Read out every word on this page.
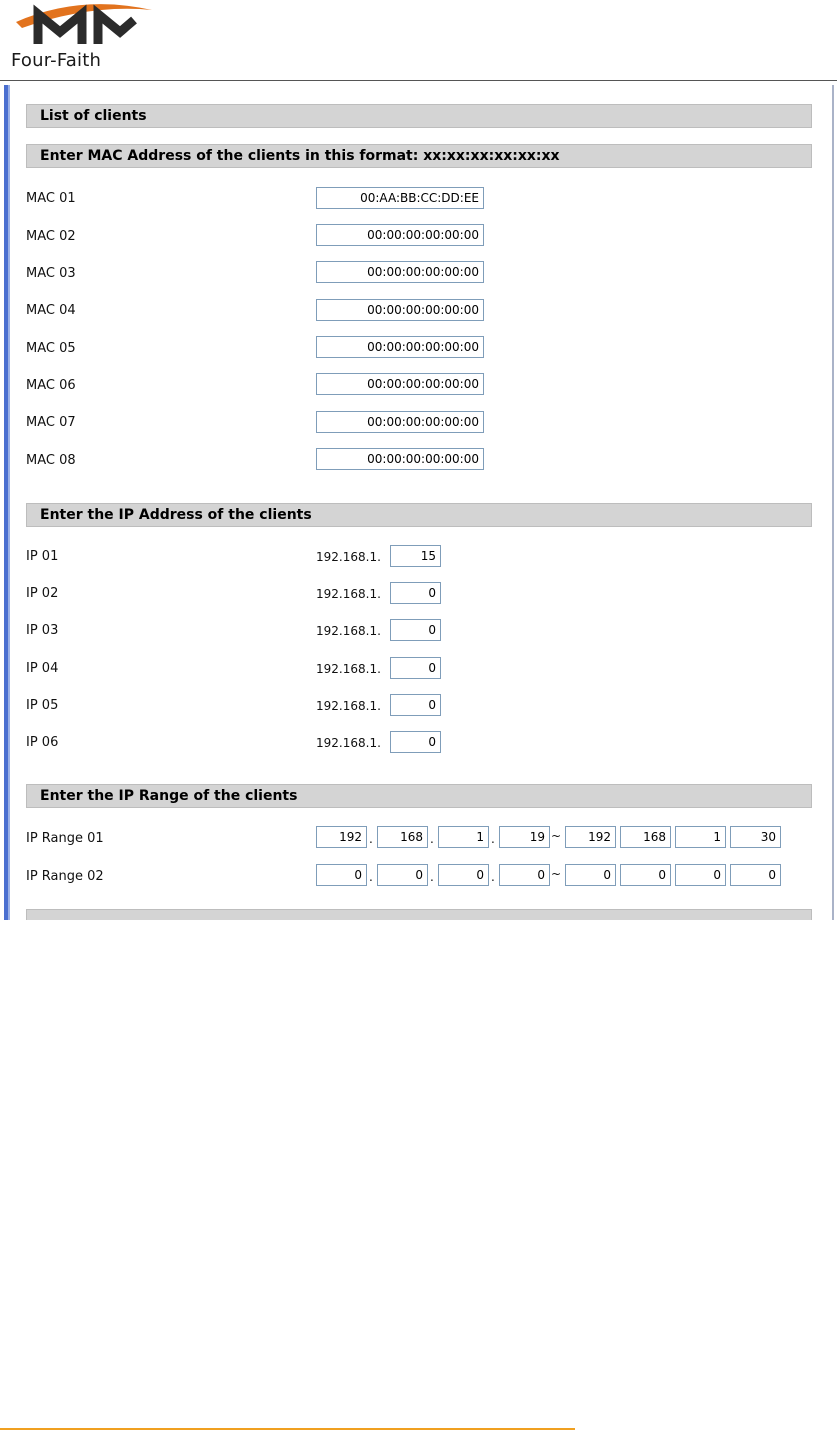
Four-Faith
List of clients
Enter MAC Address of the clients in this format: xx:xx:xx:xx:xx:xx
MAC 01	00:AA:BB:CC:DD:EE
MAC 02	00:00:00:00:00:00
MAC 03	00:00:00:00:00:00
MAC 04	00:00:00:00:00:00
MAC 05	00:00:00:00:00:00
MAC 06	00:00:00:00:00:00
MAC 07	00:00:00:00:00:00
MAC 08	00:00:00:00:00:00
Enter the IP Address of the clients
IP 01	192.168.1.	15
IP 02	192.168.1.	0
IP 03	192.168.1.	0
IP 04	192.168.1.	0
IP 05	192.168.1.	0
IP 06	192.168.1.	0
Enter the IP Range of the clients
IP Range 01	192 .	168 .	1 .	19 ~	192	168	1	30
IP Range 02	0 .	0 .	0 .	0 ~	0	0	0	0
